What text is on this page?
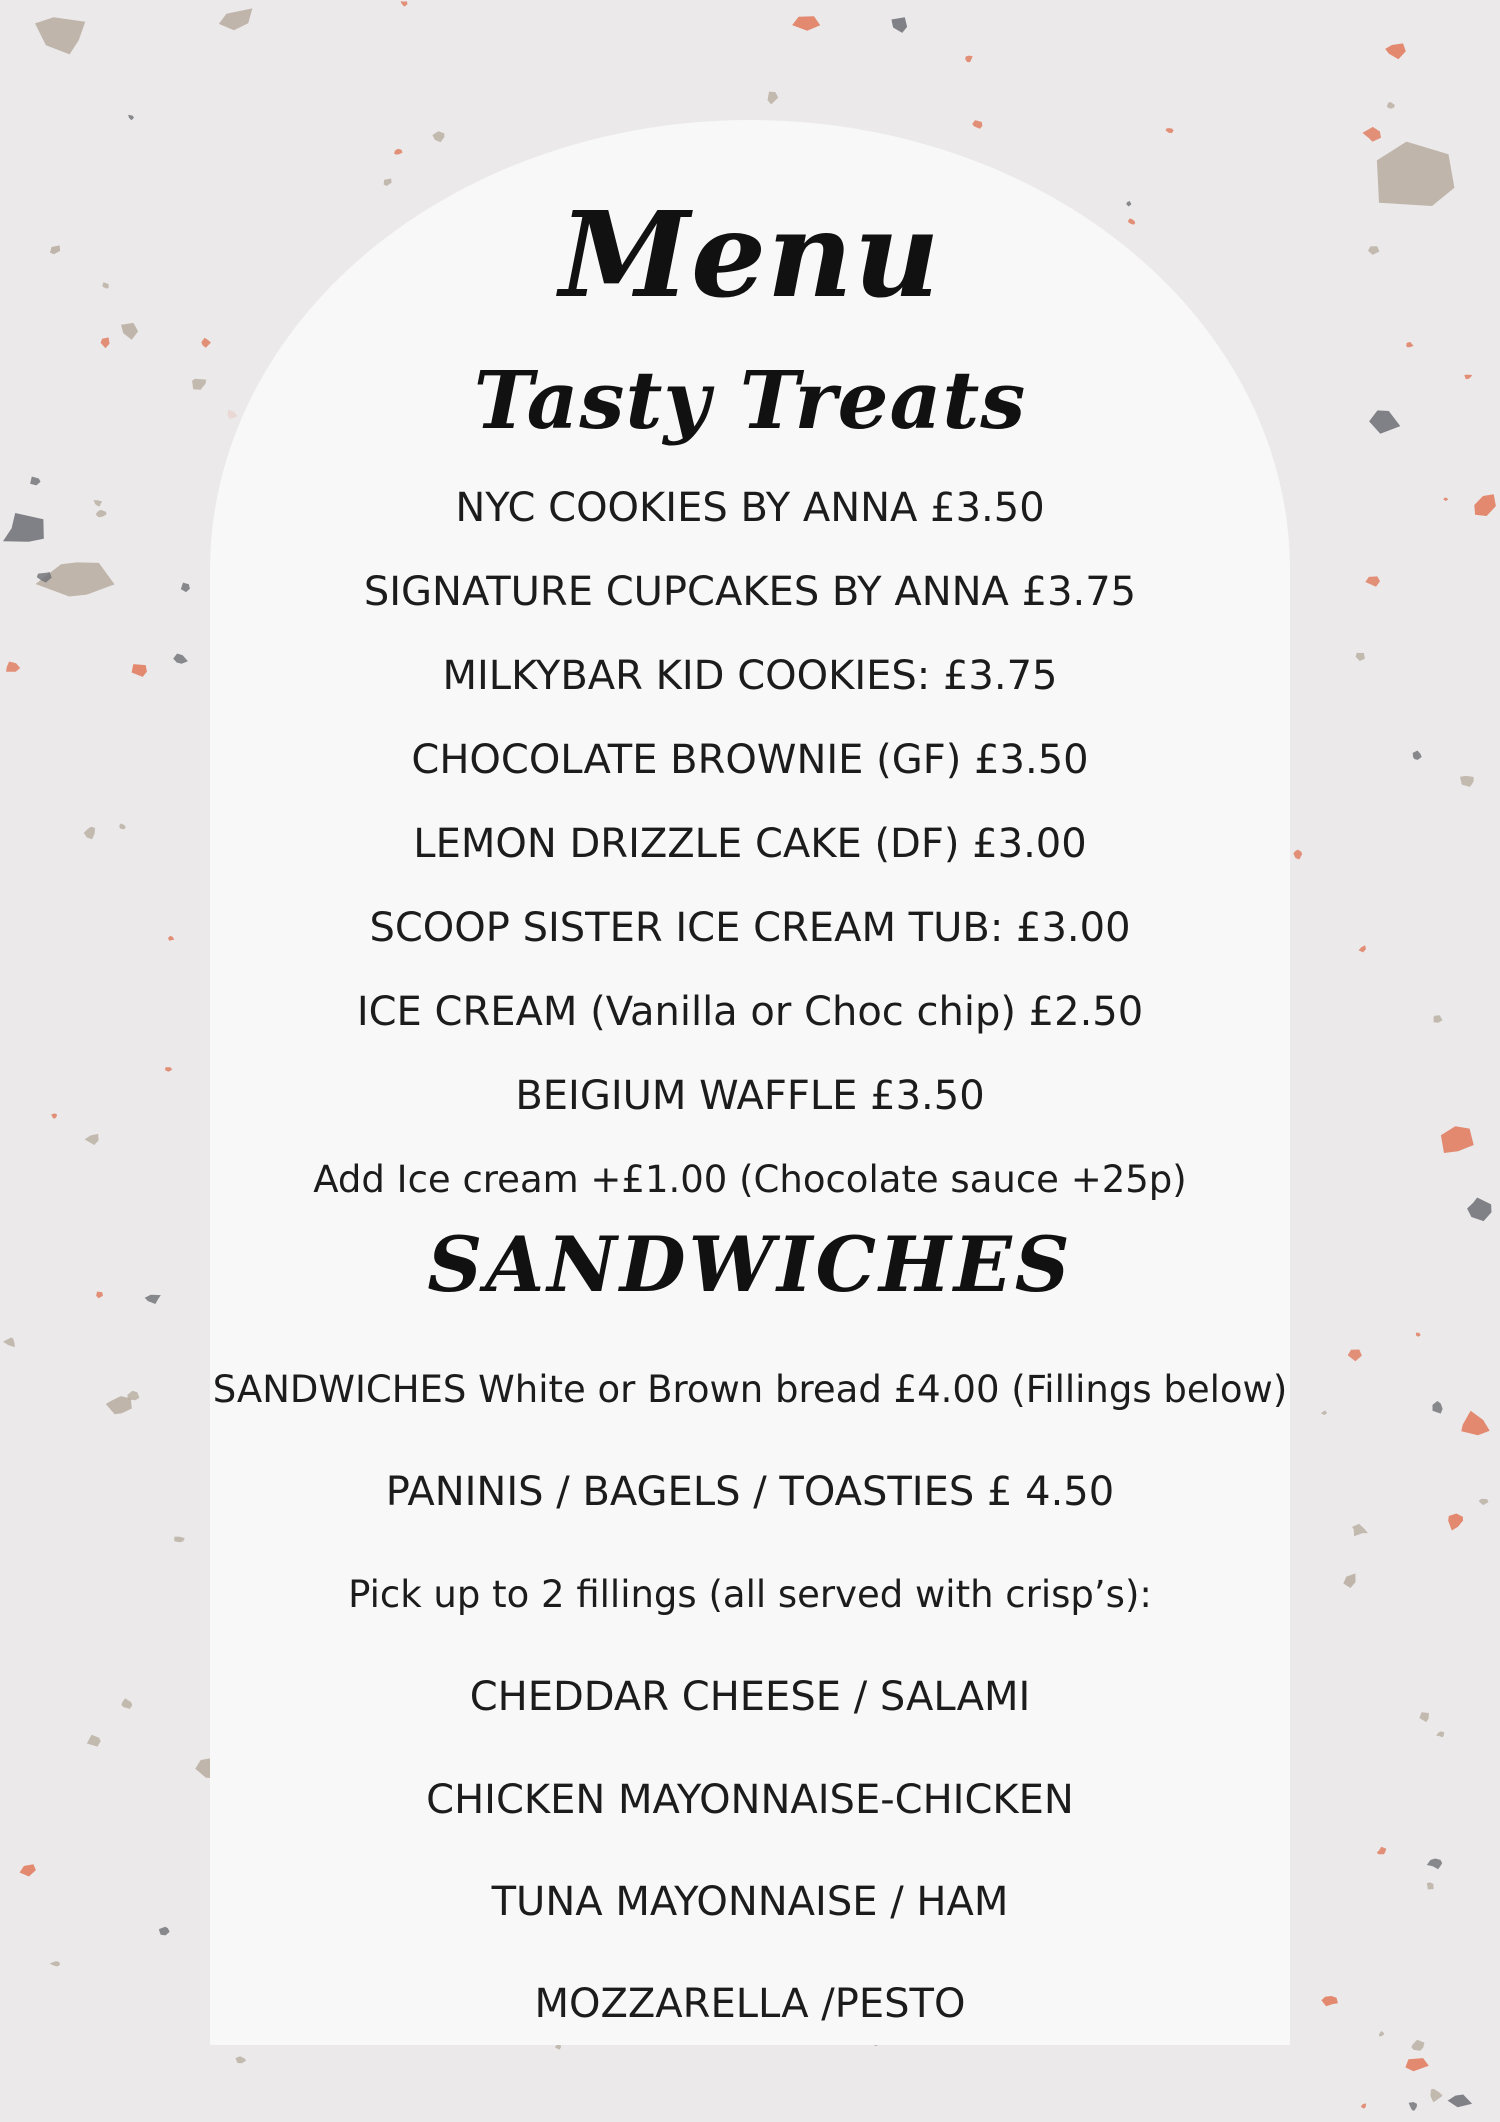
Menu
Tasty Treats

NYC COOKIES BY ANNA £3.50

SIGNATURE CUPCAKES BY ANNA £3.75

MILKYBAR KID COOKIES: £3.75

CHOCOLATE BROWNIE (GF) £3.50

LEMON DRIZZLE CAKE (DF) £3.00

SCOOP SISTER ICE CREAM TUB: £3.00

ICE CREAM (Vanilla or Choc chip) £2.50

BEIGIUM WAFFLE £3.50

Add Ice cream +£1.00 (Chocolate sauce +25p)

SANDWICHES

SANDWICHES White or Brown bread £4.00 (Fillings below)

PANINIS / BAGELS / TOASTIES £ 4.50

Pick up to 2 fillings (all served with crisp’s):

CHEDDAR CHEESE / SALAMI

CHICKEN MAYONNAISE-CHICKEN

TUNA MAYONNAISE / HAM

MOZZARELLA /PESTO
